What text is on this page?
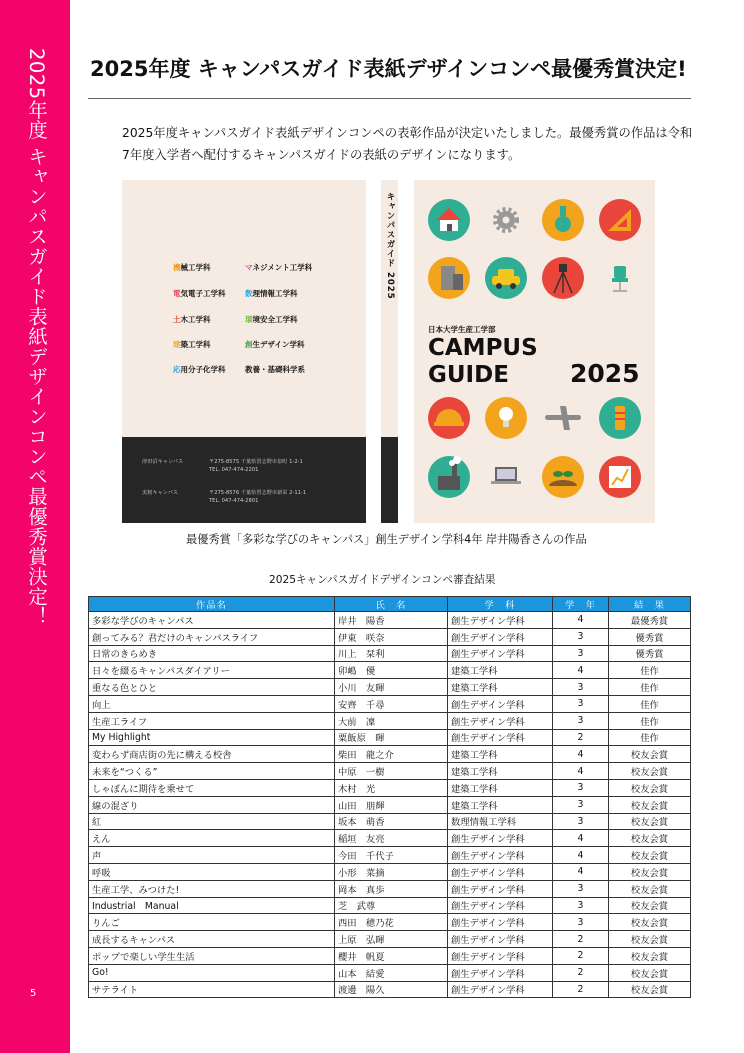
2025年度 キャンパスガイド表紙デザインコンペ最優秀賞決定！
5
2025年度 キャンパスガイド表紙デザインコンペ最優秀賞決定!
2025年度キャンパスガイド表紙デザインコンペの表彰作品が決定いたしました。最優秀賞の作品は令和7年度入学者へ配付するキャンパスガイドの表紙のデザインになります。
機械工学科	マネジメント工学科
電気電子工学科	数理情報工学科
土木工学科	環境安全工学科
建築工学科	創生デザイン学科
応用分子化学科	教養・基礎科学系
津田沼キャンパス	〒275-8575 千葉県習志野市泉町 1-2-1
TEL. 047-474-2201
実籾キャンパス	〒275-8576 千葉県習志野市新栄 2-11-1
TEL. 047-474-2801
キャンパスガイド 2025
日本大学生産工学部
CAMPUS
GUIDE	2025
最優秀賞「多彩な学びのキャンパス」創生デザイン学科4年 岸井陽香さんの作品
2025キャンパスガイドデザインコンペ審査結果
作品名	氏　名	学　科	学　年	結　果
多彩な学びのキャンパス	岸井　陽香	創生デザイン学科	4	最優秀賞
創ってみる？君だけのキャンパスライフ	伊東　咲奈	創生デザイン学科	3	優秀賞
日常のきらめき	川上　栞利	創生デザイン学科	3	優秀賞
日々を綴るキャンパスダイアリー	卯嶋　優	建築工学科	4	佳作
重なる色とひと	小川　友暉	建築工学科	3	佳作
向上	安齊　千尋	創生デザイン学科	3	佳作
生産工ライフ	大前　凜	創生デザイン学科	3	佳作
My Highlight	粟飯原　暉	創生デザイン学科	2	佳作
変わらず商店街の先に構える校舎	柴田　龍之介	建築工学科	4	校友会賞
未来を“つくる”	中原　一樹	建築工学科	4	校友会賞
しゃぼんに期待を乗せて	木村　光	建築工学科	3	校友会賞
線の混ざり	山田　朋輝	建築工学科	3	校友会賞
紅	坂本　萌香	数理情報工学科	3	校友会賞
えん	稲垣　友亮	創生デザイン学科	4	校友会賞
声	今田　千代子	創生デザイン学科	4	校友会賞
呼吸	小形　菜摘	創生デザイン学科	4	校友会賞
生産工学、みつけた!	岡本　真歩	創生デザイン学科	3	校友会賞
Industrial　Manual	芝　武尊	創生デザイン学科	3	校友会賞
りんご	西田　穂乃花	創生デザイン学科	3	校友会賞
成長するキャンパス	上原　弘暉	創生デザイン学科	2	校友会賞
ポップで楽しい学生生活	櫻井　帆夏	創生デザイン学科	2	校友会賞
Go!	山本　結愛	創生デザイン学科	2	校友会賞
サテライト	渡邊　陽久	創生デザイン学科	2	校友会賞
